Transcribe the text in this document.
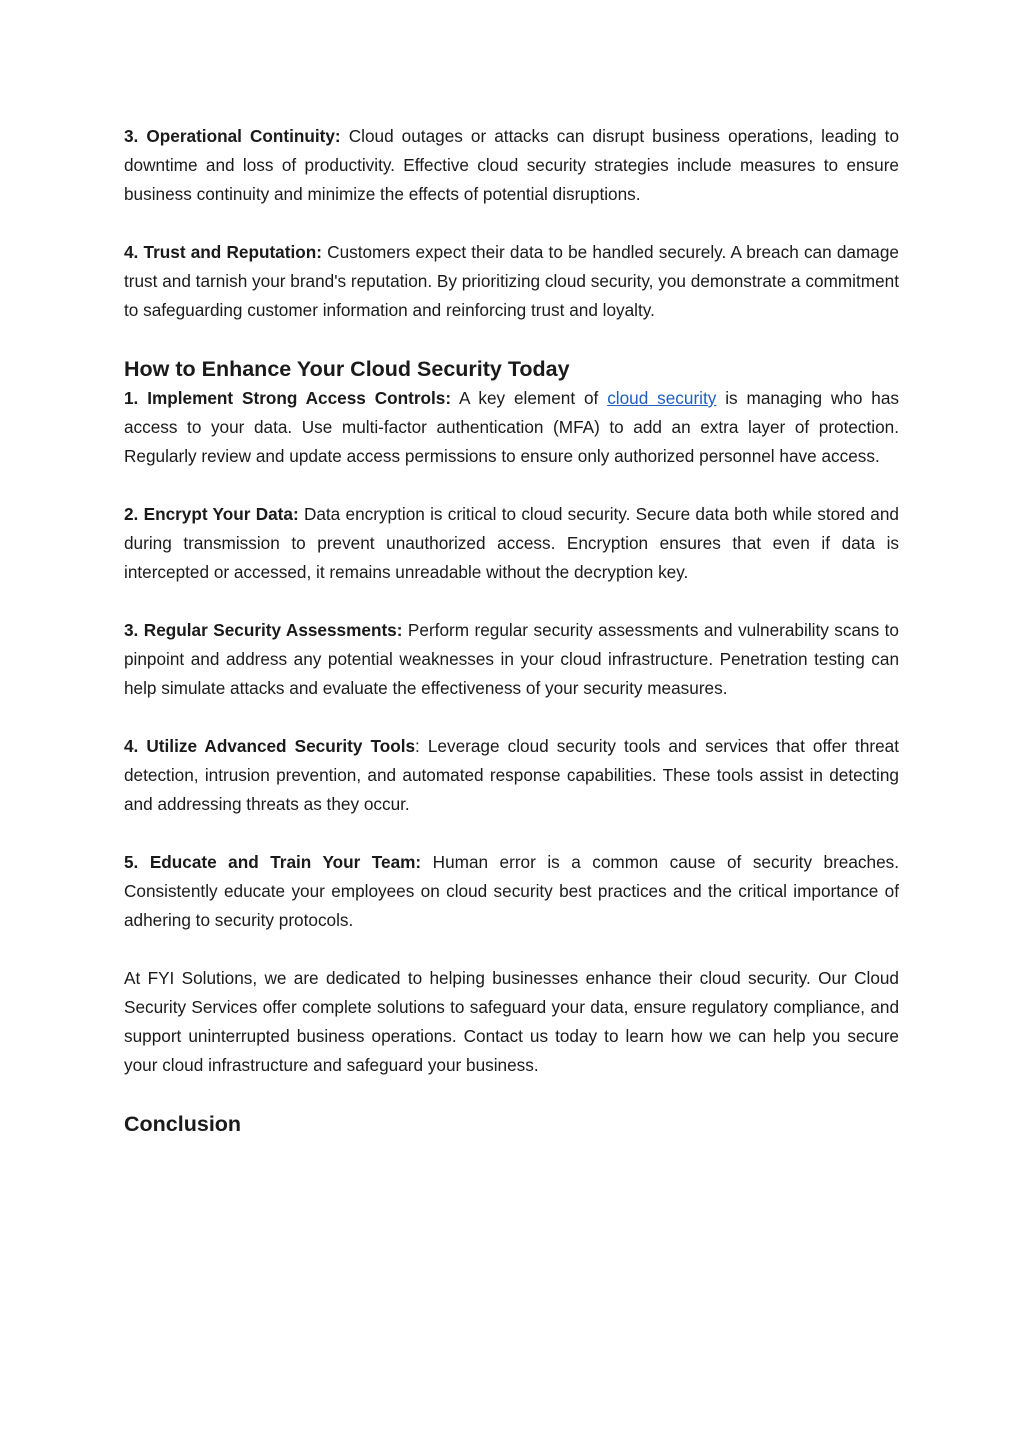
3. Operational Continuity: Cloud outages or attacks can disrupt business operations, leading to downtime and loss of productivity. Effective cloud security strategies include measures to ensure business continuity and minimize the effects of potential disruptions.

4. Trust and Reputation: Customers expect their data to be handled securely. A breach can damage trust and tarnish your brand's reputation. By prioritizing cloud security, you demonstrate a commitment to safeguarding customer information and reinforcing trust and loyalty.

How to Enhance Your Cloud Security Today

1. Implement Strong Access Controls: A key element of cloud security is managing who has access to your data. Use multi-factor authentication (MFA) to add an extra layer of protection. Regularly review and update access permissions to ensure only authorized personnel have access.

2. Encrypt Your Data: Data encryption is critical to cloud security. Secure data both while stored and during transmission to prevent unauthorized access. Encryption ensures that even if data is intercepted or accessed, it remains unreadable without the decryption key.

3. Regular Security Assessments: Perform regular security assessments and vulnerability scans to pinpoint and address any potential weaknesses in your cloud infrastructure. Penetration testing can help simulate attacks and evaluate the effectiveness of your security measures.

4. Utilize Advanced Security Tools: Leverage cloud security tools and services that offer threat detection, intrusion prevention, and automated response capabilities. These tools assist in detecting and addressing threats as they occur.

5. Educate and Train Your Team: Human error is a common cause of security breaches. Consistently educate your employees on cloud security best practices and the critical importance of adhering to security protocols.

At FYI Solutions, we are dedicated to helping businesses enhance their cloud security. Our Cloud Security Services offer complete solutions to safeguard your data, ensure regulatory compliance, and support uninterrupted business operations. Contact us today to learn how we can help you secure your cloud infrastructure and safeguard your business.

Conclusion
